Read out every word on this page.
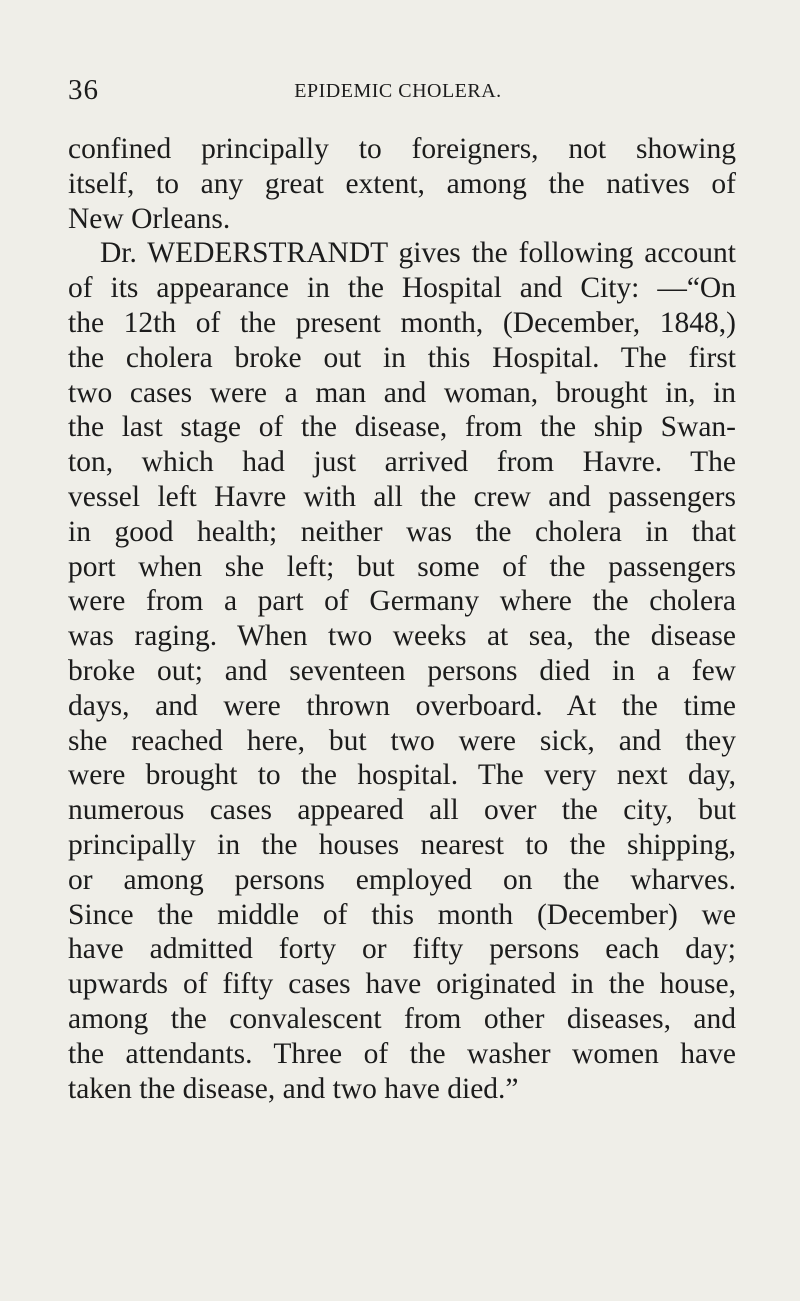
36	EPIDEMIC CHOLERA.
confined principally to foreigners, not showing
itself, to any great extent, among the natives of
New Orleans.
Dr. WEDERSTRANDT gives the following account
of its appearance in the Hospital and City: —“On
the 12th of the present month, (December, 1848,)
the cholera broke out in this Hospital. The first
two cases were a man and woman, brought in, in
the last stage of the disease, from the ship Swan-
ton, which had just arrived from Havre. The
vessel left Havre with all the crew and passengers
in good health; neither was the cholera in that
port when she left; but some of the passengers
were from a part of Germany where the cholera
was raging. When two weeks at sea, the disease
broke out; and seventeen persons died in a few
days, and were thrown overboard. At the time
she reached here, but two were sick, and they
were brought to the hospital. The very next day,
numerous cases appeared all over the city, but
principally in the houses nearest to the shipping,
or among persons employed on the wharves.
Since the middle of this month (December) we
have admitted forty or fifty persons each day;
upwards of fifty cases have originated in the house,
among the convalescent from other diseases, and
the attendants. Three of the washer women have
taken the disease, and two have died.”
